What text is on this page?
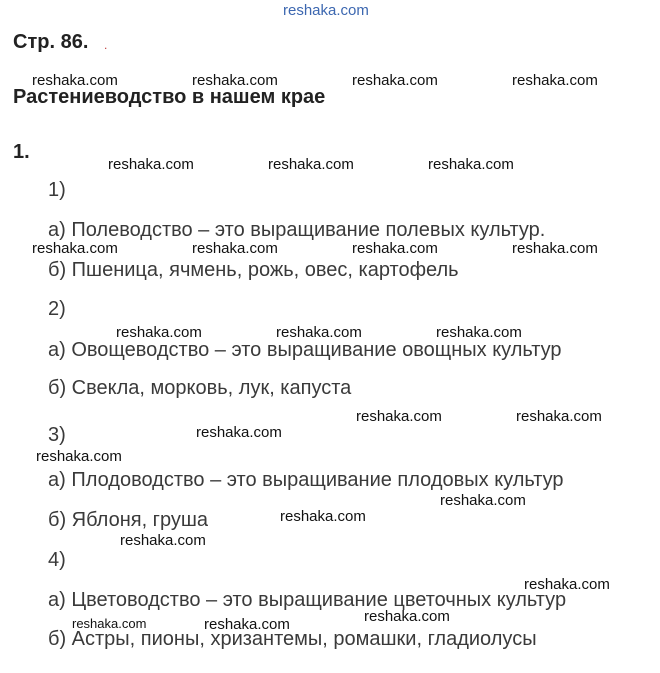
reshaka.com
Стр. 86. .
Растениеводство в нашем крае
1.
1)
а) Полеводство – это выращивание полевых культур.
б) Пшеница, ячмень, рожь, овес, картофель
2)
а) Овощеводство – это выращивание овощных культур
б) Свекла, морковь, лук, капуста
3)
а) Плодоводство – это выращивание плодовых культур
б) Яблоня, груша
4)
а) Цветоводство – это выращивание цветочных культур
б) Астры, пионы, хризантемы, ромашки, гладиолусы
reshaka.com	reshaka.com	reshaka.com	reshaka.com
reshaka.com	reshaka.com	reshaka.com
reshaka.com	reshaka.com	reshaka.com	reshaka.com
reshaka.com	reshaka.com	reshaka.com
reshaka.com	reshaka.com
reshaka.com
reshaka.com
reshaka.com
reshaka.com
reshaka.com
reshaka.com
reshaka.com
reshaka.com	reshaka.com
